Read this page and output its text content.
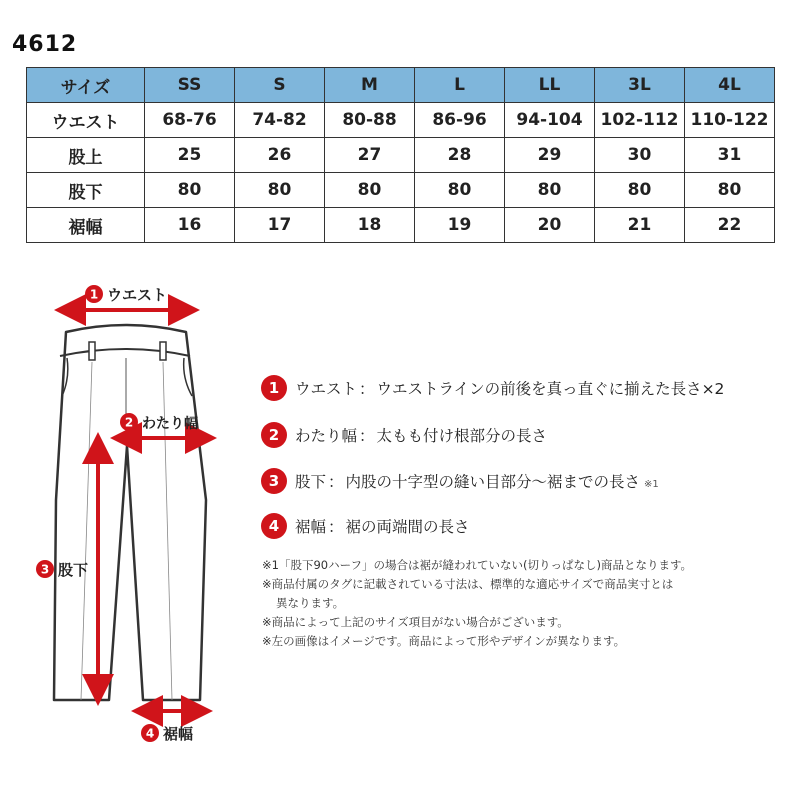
4612
サイズ	SS	S	M	L	LL	3L	4L
ウエスト	68-76	74-82	80-88	86-96	94-104	102-112	110-122
股上	25	26	27	28	29	30	31
股下	80	80	80	80	80	80	80
裾幅	16	17	18	19	20	21	22
1 ウエスト
2 わたり幅
3 股下
4 裾幅
1	ウエスト ： ウエストラインの前後を真っ直ぐに揃えた長さ×2
2	わたり幅 ： 太もも付け根部分の長さ
3	股下 ： 内股の十字型の縫い目部分～裾までの長さ ※1
4	裾幅 ： 裾の両端間の長さ
※1「股下90ハーフ」の場合は裾が縫われていない(切りっぱなし)商品となります。
※商品付属のタグに記載されている寸法は、標準的な適応サイズで商品実寸とは
異なります。
※商品によって上記のサイズ項目がない場合がございます。
※左の画像はイメージです。商品によって形やデザインが異なります。
